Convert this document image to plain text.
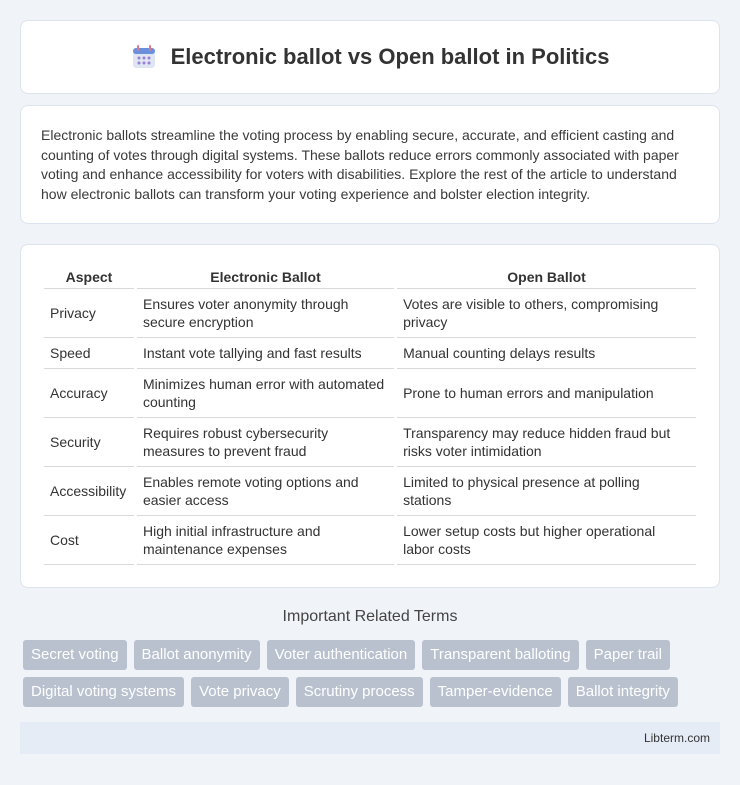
Electronic ballot vs Open ballot in Politics

Electronic ballots streamline the voting process by enabling secure, accurate, and efficient casting and counting of votes through digital systems. These ballots reduce errors commonly associated with paper voting and enhance accessibility for voters with disabilities. Explore the rest of the article to understand how electronic ballots can transform your voting experience and bolster election integrity.

Aspect	Electronic Ballot	Open Ballot
Privacy	Ensures voter anonymity through secure encryption	Votes are visible to others, compromising privacy
Speed	Instant vote tallying and fast results	Manual counting delays results
Accuracy	Minimizes human error with automated counting	Prone to human errors and manipulation
Security	Requires robust cybersecurity measures to prevent fraud	Transparency may reduce hidden fraud but risks voter intimidation
Accessibility	Enables remote voting options and easier access	Limited to physical presence at polling stations
Cost	High initial infrastructure and maintenance expenses	Lower setup costs but higher operational labor costs
Important Related Terms
Secret voting	Ballot anonymity	Voter authentication	Transparent balloting	Paper trail
Digital voting systems	Vote privacy	Scrutiny process	Tamper-evidence	Ballot integrity
Libterm.com
